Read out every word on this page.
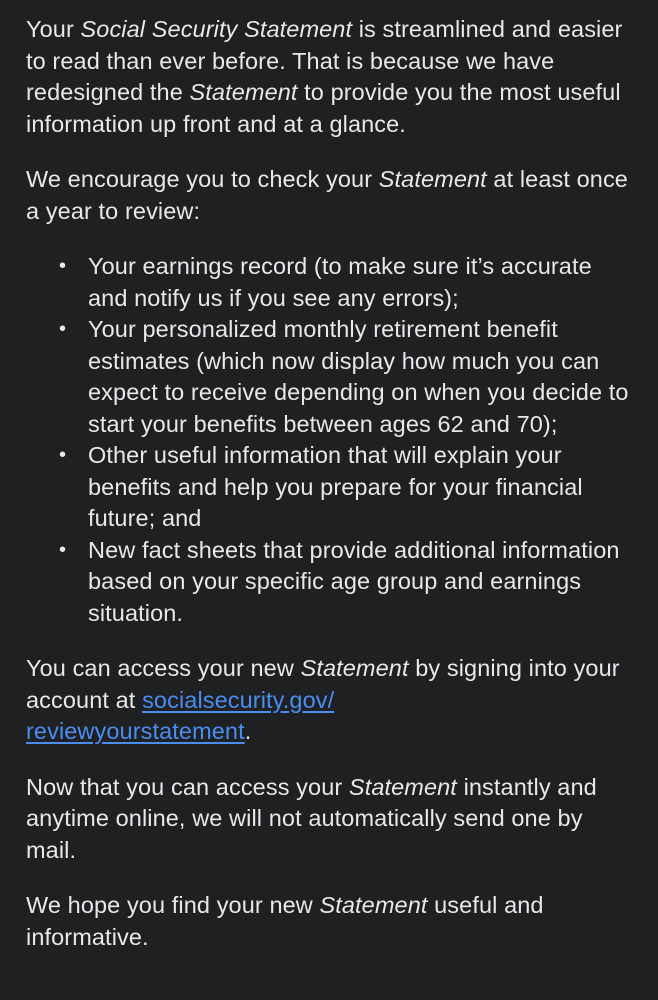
Your Social Security Statement is streamlined and easier to read than ever before. That is because we have redesigned the Statement to provide you the most useful information up front and at a glance.

We encourage you to check your Statement at least once a year to review:

• Your earnings record (to make sure it’s accurate and notify us if you see any errors);
• Your personalized monthly retirement benefit estimates (which now display how much you can expect to receive depending on when you decide to start your benefits between ages 62 and 70);
• Other useful information that will explain your benefits and help you prepare for your financial future; and
• New fact sheets that provide additional information based on your specific age group and earnings situation.

You can access your new Statement by signing into your account at socialsecurity.gov/
reviewyourstatement.

Now that you can access your Statement instantly and anytime online, we will not automatically send one by mail.

We hope you find your new Statement useful and informative.
